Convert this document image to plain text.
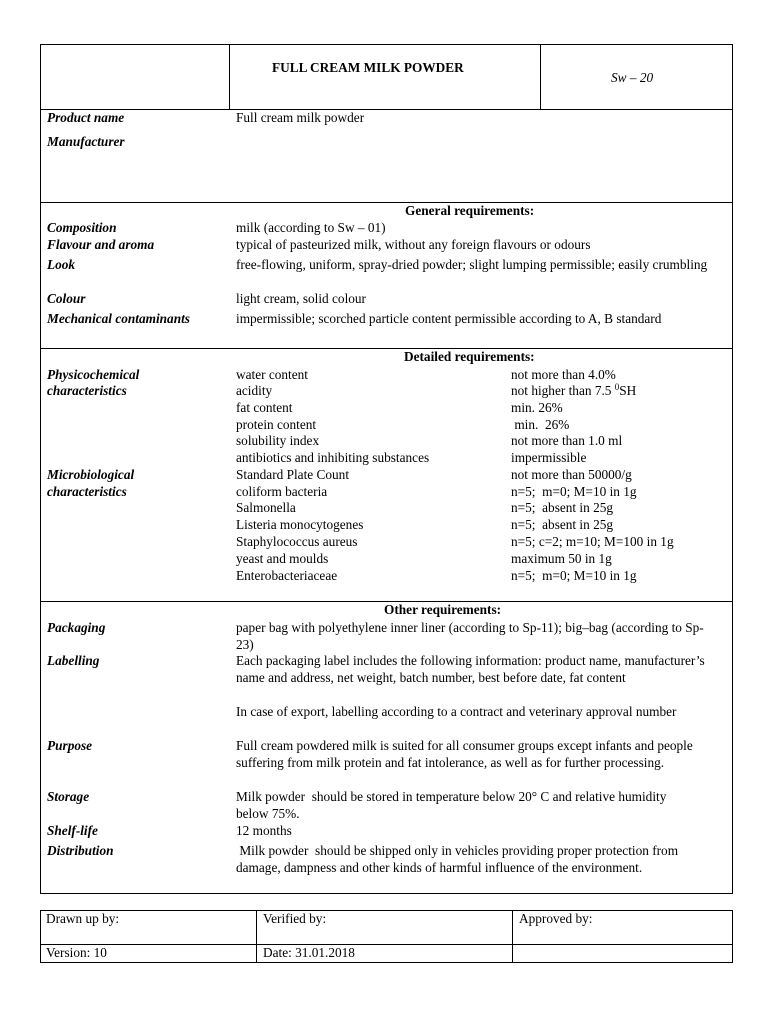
FULL CREAM MILK POWDER
Sw – 20
Product name	Full cream milk powder
Manufacturer
General requirements:
Composition	milk (according to Sw – 01)
Flavour and aroma	typical of pasteurized milk, without any foreign flavours or odours
Look	free-flowing, uniform, spray-dried powder; slight lumping permissible; easily crumbling
Colour	light cream, solid colour
Mechanical contaminants	impermissible; scorched particle content permissible according to A, B standard
Detailed requirements:
Physicochemical
characteristics
water content	not more than 4.0%
acidity	not higher than 7.5 $^0$SH
fat content	min. 26%
protein content	min.  26%
solubility index	not more than 1.0 ml
antibiotics and inhibiting substances	impermissible
Microbiological
characteristics
Standard Plate Count	not more than 50000/g
coliform bacteria	n=5;  m=0; M=10 in 1g
Salmonella	n=5;  absent in 25g
Listeria monocytogenes	n=5;  absent in 25g
Staphylococcus aureus	n=5; c=2; m=10; M=100 in 1g
yeast and moulds	maximum 50 in 1g
Enterobacteriaceae	n=5;  m=0; M=10 in 1g
Other requirements:
Packaging	paper bag with polyethylene inner liner (according to Sp-11); big–bag (according to Sp-23)
Labelling	Each packaging label includes the following information: product name, manufacturer’s name and address, net weight, batch number, best before date, fat content
In case of export, labelling according to a contract and veterinary approval number
Purpose	Full cream powdered milk is suited for all consumer groups except infants and people suffering from milk protein and fat intolerance, as well as for further processing.
Storage	Milk powder  should be stored in temperature below 20° C and relative humidity below 75%.
Shelf-life	12 months
Distribution	Milk powder  should be shipped only in vehicles providing proper protection from damage, dampness and other kinds of harmful influence of the environment.
Drawn up by:	Verified by:	Approved by:
Version: 10	Date: 31.01.2018
